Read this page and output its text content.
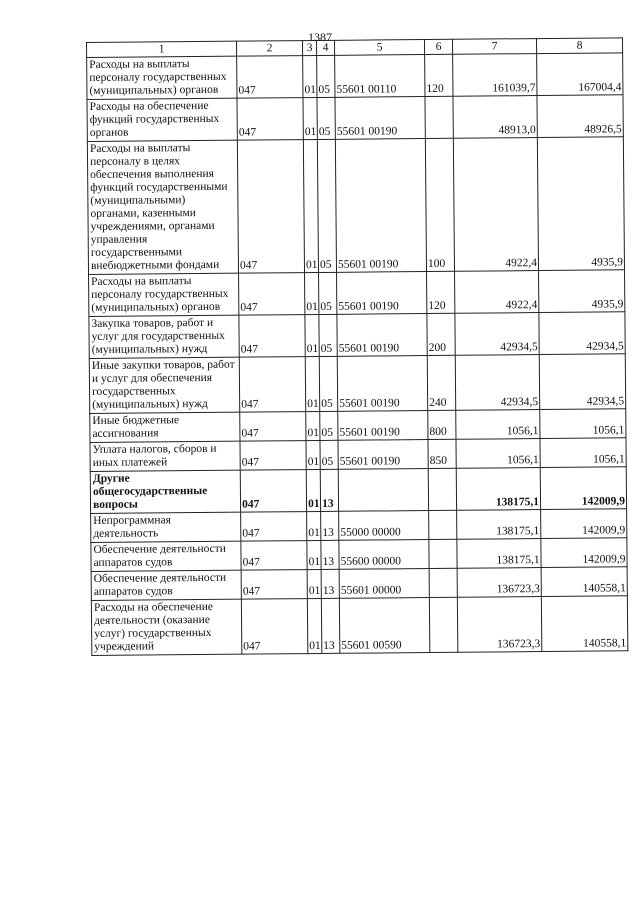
1387
1	2	3	4	5	6	7	8
Расходы на выплаты персоналу государственных (муниципальных) органов	047	01	05	55601 00110	120	161039,7	167004,4
Расходы на обеспечение функций государственных органов	047	01	05	55601 00190		48913,0	48926,5
Расходы на выплаты персоналу в целях обеспечения выполнения функций государственными (муниципальными) органами, казенными учреждениями, органами управления государственными внебюджетными фондами	047	01	05	55601 00190	100	4922,4	4935,9
Расходы на выплаты персоналу государственных (муниципальных) органов	047	01	05	55601 00190	120	4922,4	4935,9
Закупка товаров, работ и услуг для государственных (муниципальных) нужд	047	01	05	55601 00190	200	42934,5	42934,5
Иные закупки товаров, работ и услуг для обеспечения государственных (муниципальных) нужд	047	01	05	55601 00190	240	42934,5	42934,5
Иные бюджетные ассигнования	047	01	05	55601 00190	800	1056,1	1056,1
Уплата налогов, сборов и иных платежей	047	01	05	55601 00190	850	1056,1	1056,1
Другие общегосударственные вопросы	047	01	13			138175,1	142009,9
Непрограммная деятельность	047	01	13	55000 00000		138175,1	142009,9
Обеспечение деятельности аппаратов судов	047	01	13	55600 00000		138175,1	142009,9
Обеспечение деятельности аппаратов судов	047	01	13	55601 00000		136723,3	140558,1
Расходы на обеспечение деятельности (оказание услуг) государственных учреждений	047	01	13	55601 00590		136723,3	140558,1
